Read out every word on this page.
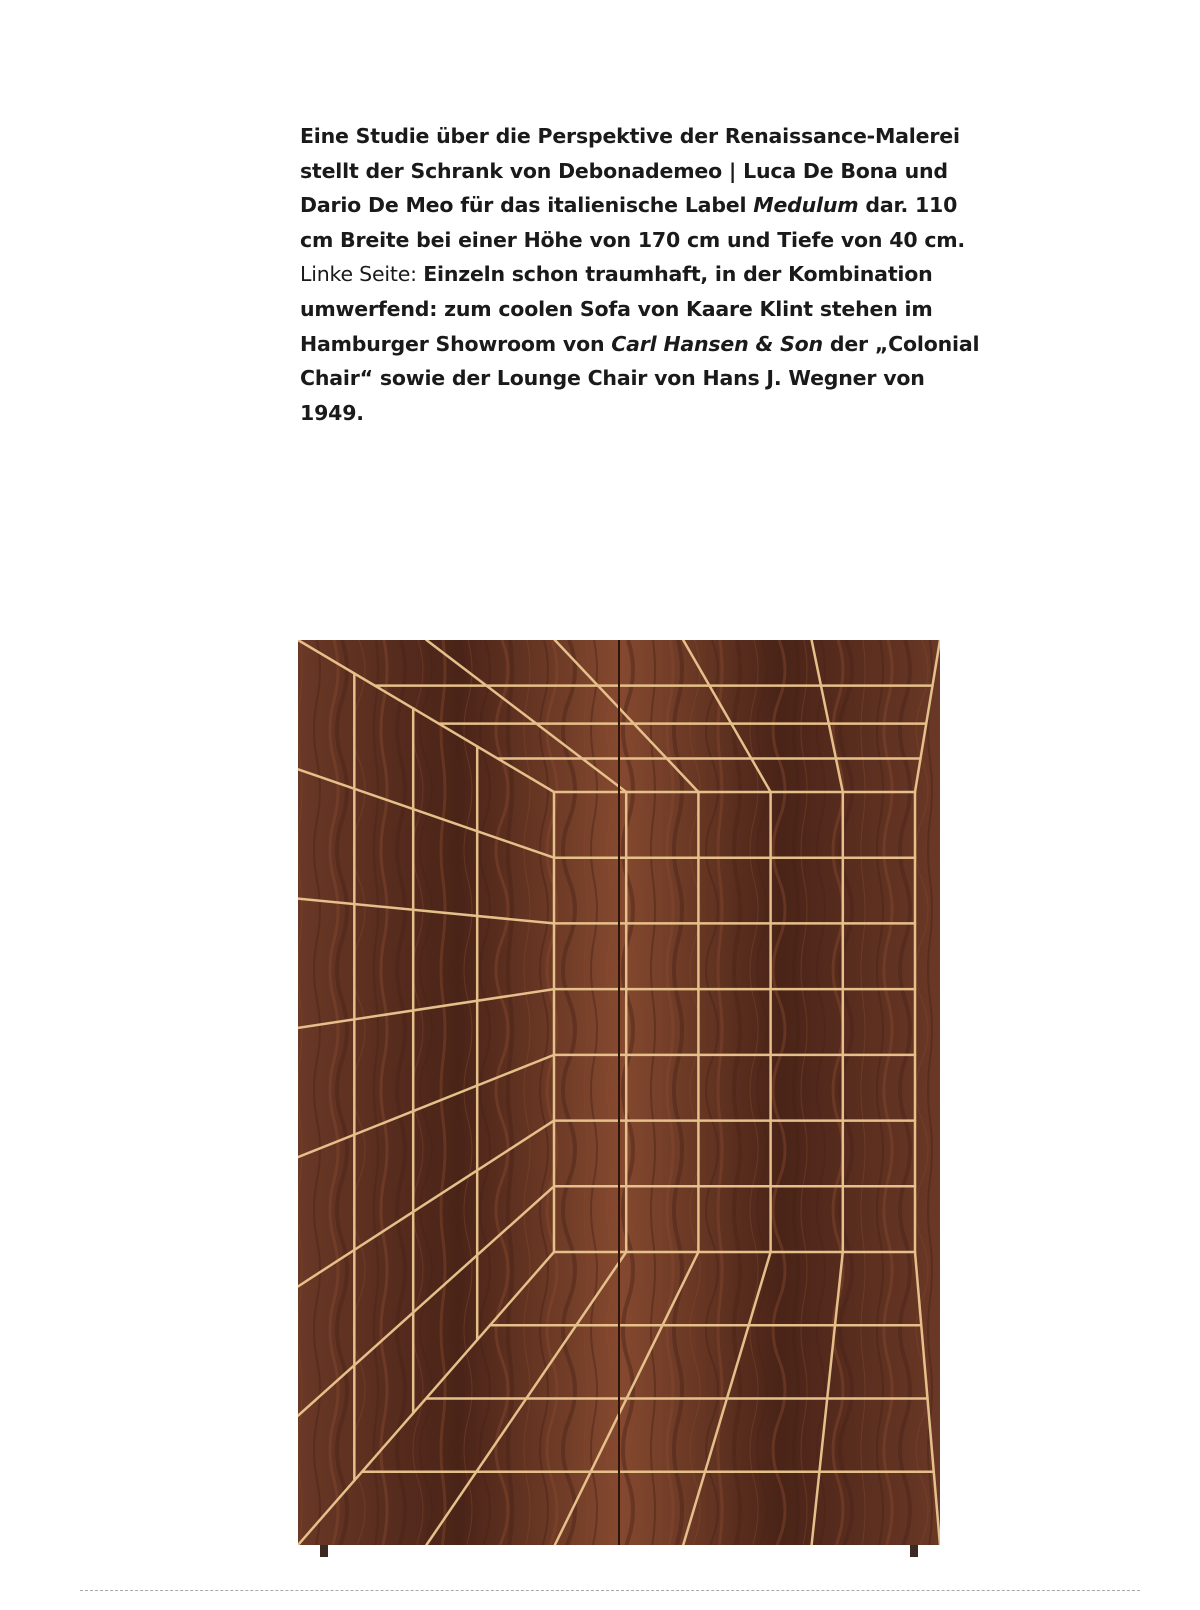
Eine Studie über die Perspektive der Renaissance-Malerei stellt der Schrank von Debonademeo | Luca De Bona und Dario De Meo für das italienische Label Medulum dar. 110 cm Breite bei einer Höhe von 170 cm und Tiefe von 40 cm.
Linke Seite: Einzeln schon traumhaft, in der Kombination umwerfend: zum coolen Sofa von Kaare Klint stehen im Hamburger Showroom von Carl Hansen & Son der „Colonial Chair“ sowie der Lounge Chair von Hans J. Wegner von 1949.
